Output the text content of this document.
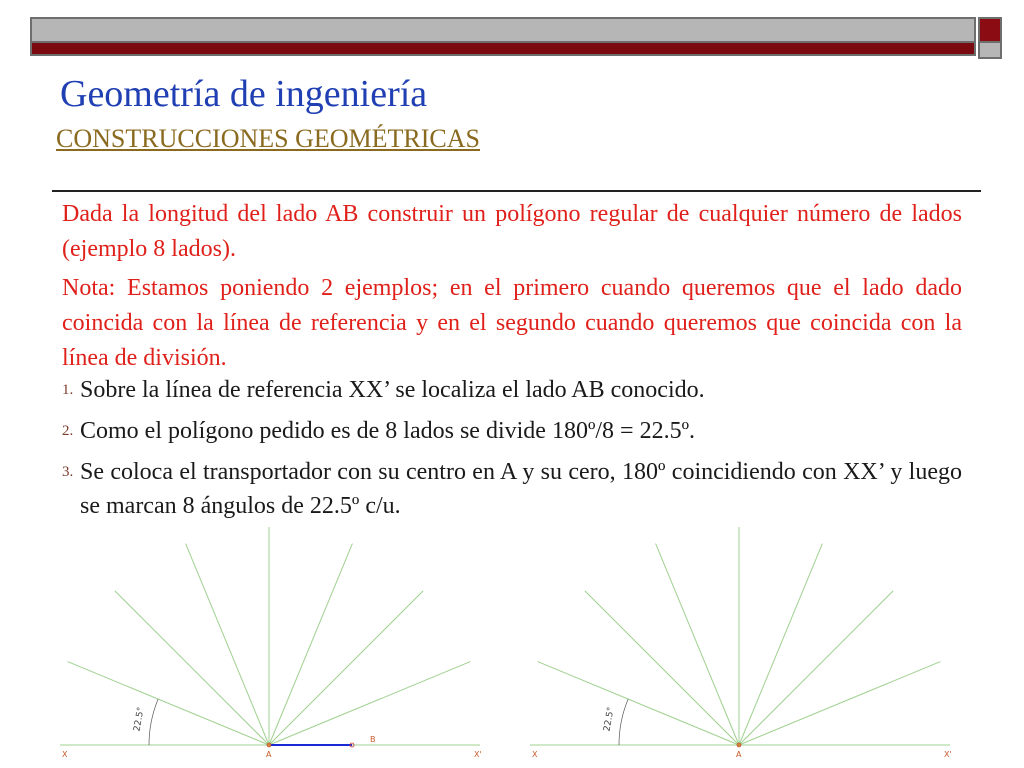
Geometría de ingeniería
CONSTRUCCIONES GEOMÉTRICAS
Dada la longitud del lado AB construir un polígono regular de cualquier número de lados (ejemplo 8 lados).
Nota: Estamos poniendo 2 ejemplos; en el primero cuando queremos que el lado dado coincida con la línea de referencia y en el segundo cuando queremos que coincida con la línea de división.
1. Sobre la línea de referencia XX’ se localiza el lado AB conocido.
2. Como el polígono pedido es de 8 lados se divide 180º/8 = 22.5º.
3. Se coloca el transportador con su centro en A y su cero, 180º coincidiendo con XX’ y luego se marcan 8 ángulos de 22.5º c/u.
22.5°
B
X	A	X'
22.5°
X	A	X'
